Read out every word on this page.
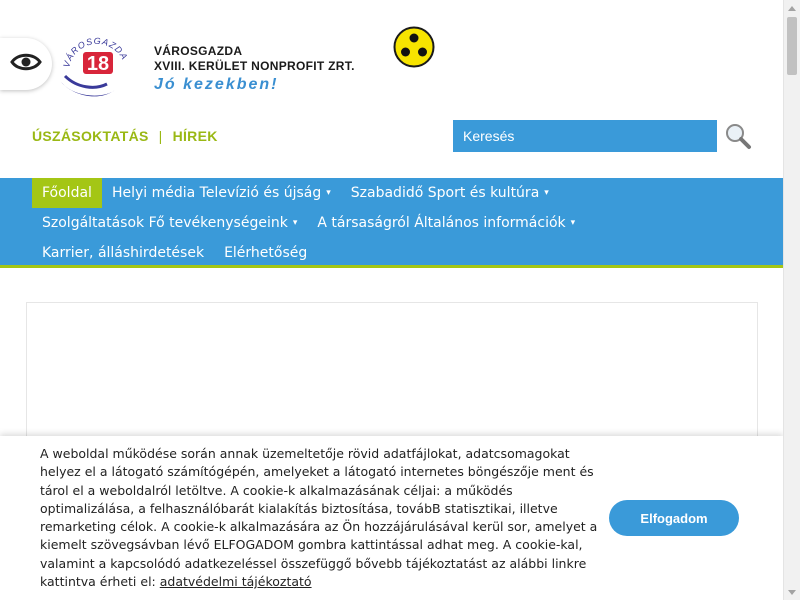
VÁROSGAZDA
18
VÁROSGAZDA
XVIII. KERÜLET NONPROFIT ZRT.
Jó kezekben!
ÚSZÁSOKTATÁS | HÍREK	Keresés
Főoldal Helyi média Televízió és újság ▾ Szabadidő Sport és kultúra ▾
Szolgáltatások Fő tevékenységeink ▾ A társaságról Általános információk ▾
Karrier, álláshirdetések Elérhetőség
A weboldal működése során annak üzemeltetője rövid adatfájlokat, adatcsomagokat helyez el a látogató számítógépén, amelyeket a látogató internetes böngészője ment és tárol el a weboldalról letöltve. A cookie-k alkalmazásának céljai: a működés optimalizálása, a felhasználóbarát kialakítás biztosítása, továbB statisztikai, illetve remarketing célok. A cookie-k alkalmazására az Ön hozzájárulásával kerül sor, amelyet a kiemelt szövegsávban lévő ELFOGADOM gombra kattintással adhat meg. A cookie-kal, valamint a kapcsolódó adatkezeléssel összefüggő bővebb tájékoztatást az alábbi linkre kattintva érheti el: adatvédelmi tájékoztató
Elfogadom
